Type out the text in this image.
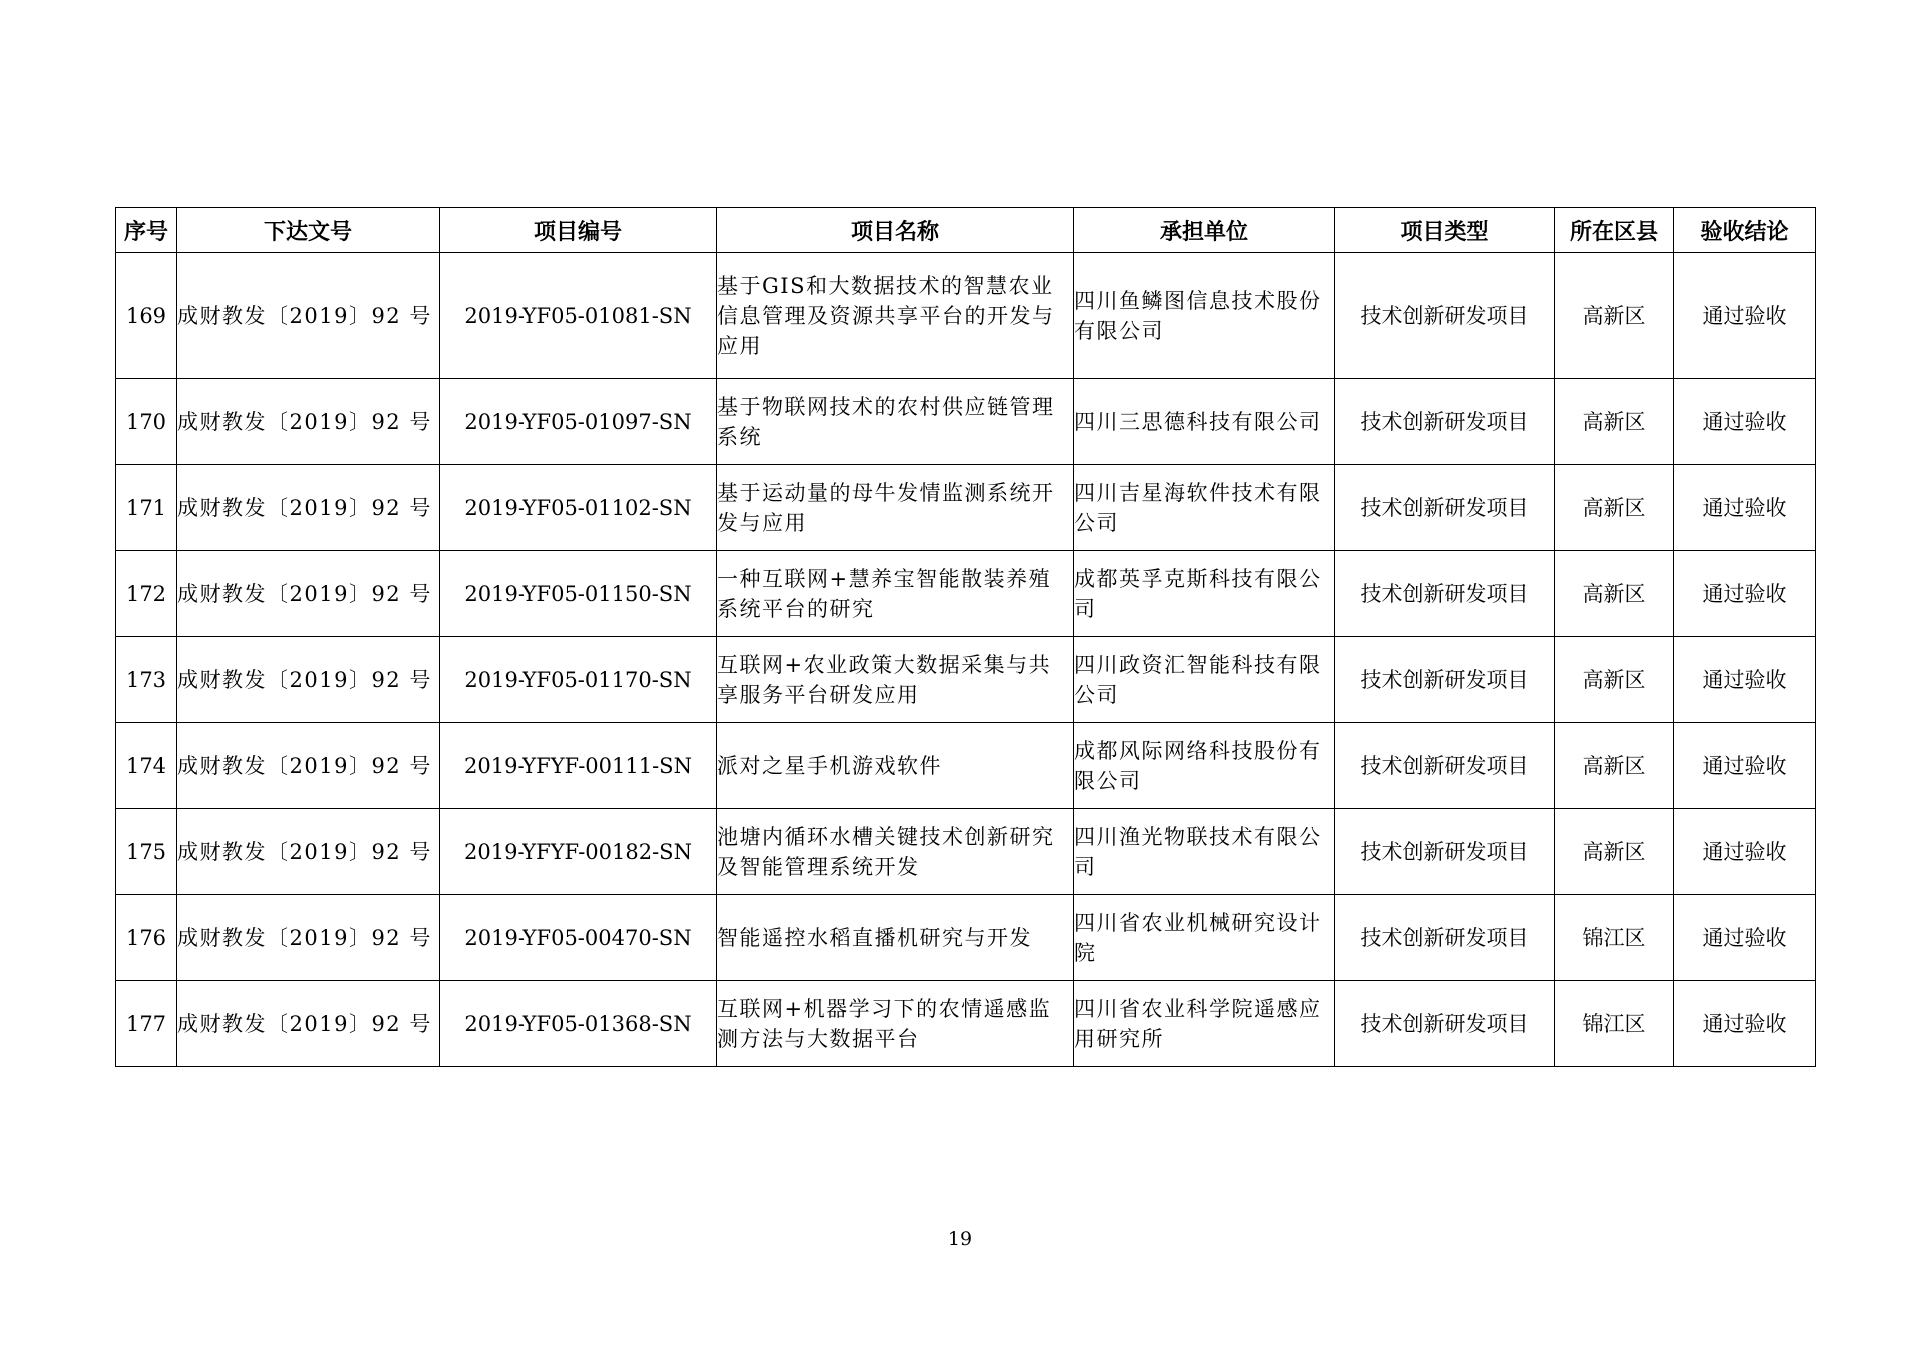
序号	下达文号	项目编号	项目名称	承担单位	项目类型	所在区县	验收结论
169	成财教发〔2019〕92 号	2019-YF05-01081-SN	基于GIS和大数据技术的智慧农业信息管理及资源共享平台的开发与应用	四川鱼鳞图信息技术股份有限公司	技术创新研发项目	高新区	通过验收
170	成财教发〔2019〕92 号	2019-YF05-01097-SN	基于物联网技术的农村供应链管理系统	四川三思德科技有限公司	技术创新研发项目	高新区	通过验收
171	成财教发〔2019〕92 号	2019-YF05-01102-SN	基于运动量的母牛发情监测系统开发与应用	四川吉星海软件技术有限公司	技术创新研发项目	高新区	通过验收
172	成财教发〔2019〕92 号	2019-YF05-01150-SN	一种互联网+慧养宝智能散装养殖系统平台的研究	成都英孚克斯科技有限公司	技术创新研发项目	高新区	通过验收
173	成财教发〔2019〕92 号	2019-YF05-01170-SN	互联网+农业政策大数据采集与共享服务平台研发应用	四川政资汇智能科技有限公司	技术创新研发项目	高新区	通过验收
174	成财教发〔2019〕92 号	2019-YFYF-00111-SN	派对之星手机游戏软件	成都风际网络科技股份有限公司	技术创新研发项目	高新区	通过验收
175	成财教发〔2019〕92 号	2019-YFYF-00182-SN	池塘内循环水槽关键技术创新研究及智能管理系统开发	四川渔光物联技术有限公司	技术创新研发项目	高新区	通过验收
176	成财教发〔2019〕92 号	2019-YF05-00470-SN	智能遥控水稻直播机研究与开发	四川省农业机械研究设计院	技术创新研发项目	锦江区	通过验收
177	成财教发〔2019〕92 号	2019-YF05-01368-SN	互联网+机器学习下的农情遥感监测方法与大数据平台	四川省农业科学院遥感应用研究所	技术创新研发项目	锦江区	通过验收
19
